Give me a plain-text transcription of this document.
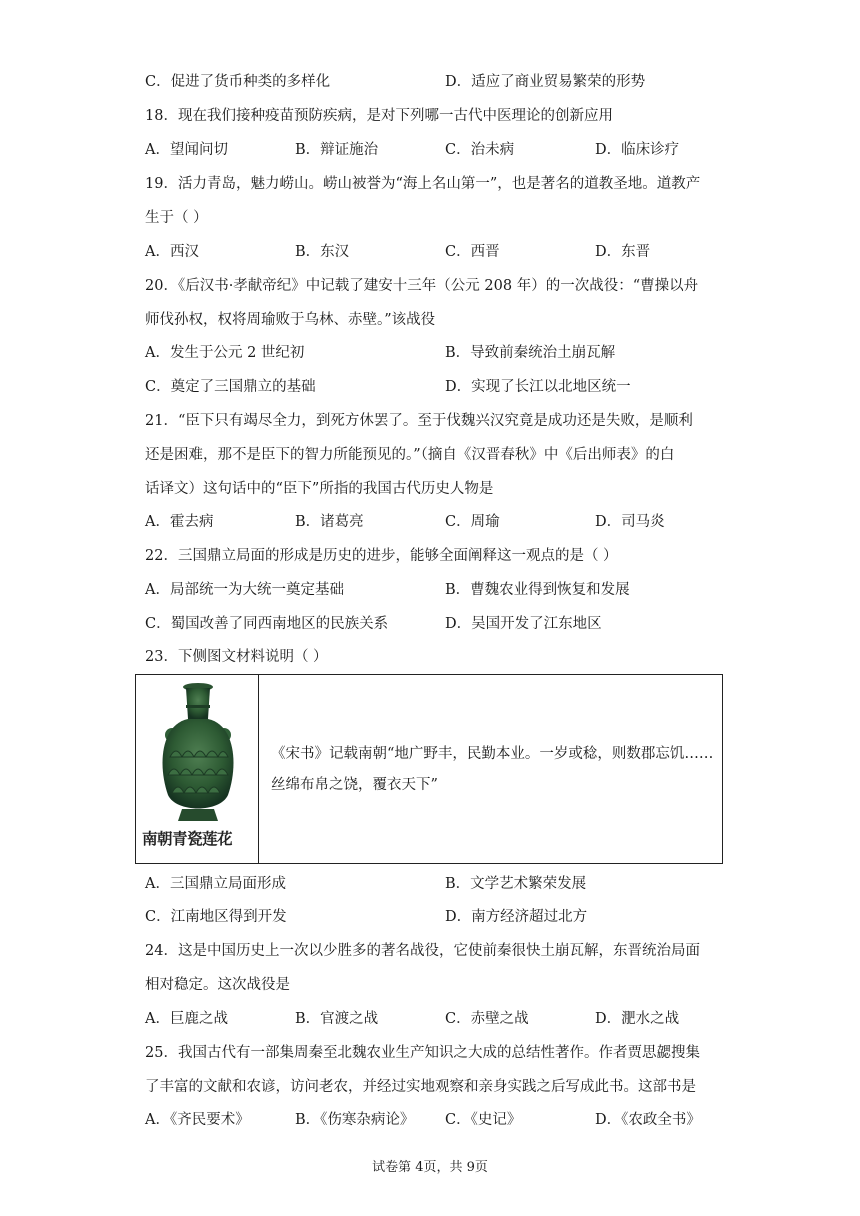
C．促进了货币种类的多样化	D．适应了商业贸易繁荣的形势
18．现在我们接种疫苗预防疾病，是对下列哪一古代中医理论的创新应用
A．望闻问切	B．辩证施治	C．治未病	D．临床诊疗
19．活力青岛，魅力崂山。崂山被誉为“海上名山第一”，也是著名的道教圣地。道教产
生于（ ）
A．西汉	B．东汉	C．西晋	D．东晋
20．《后汉书·孝献帝纪》中记载了建安十三年（公元 208 年）的一次战役：“曹操以舟
师伐孙权，权将周瑜败于乌林、赤壁。”该战役
A．发生于公元 2 世纪初	B．导致前秦统治土崩瓦解
C．奠定了三国鼎立的基础	D．实现了长江以北地区统一
21．“臣下只有竭尽全力，到死方休罢了。至于伐魏兴汉究竟是成功还是失败，是顺利
还是困难，那不是臣下的智力所能预见的。”（摘自《汉晋春秋》中《后出师表》的白
话译文）这句话中的“臣下”所指的我国古代历史人物是
A．霍去病	B．诸葛亮	C．周瑜	D．司马炎
22．三国鼎立局面的形成是历史的进步，能够全面阐释这一观点的是（ ）
A．局部统一为大统一奠定基础	B．曹魏农业得到恢复和发展
C．蜀国改善了同西南地区的民族关系	D．吴国开发了江东地区
23．下侧图文材料说明（ ）
南朝青瓷莲花
《宋书》记载南朝“地广野丰，民勤本业。一岁或稔，则数郡忘饥……
丝绵布帛之饶，覆衣天下”
A．三国鼎立局面形成	B．文学艺术繁荣发展
C．江南地区得到开发	D．南方经济超过北方
24．这是中国历史上一次以少胜多的著名战役，它使前秦很快土崩瓦解，东晋统治局面
相对稳定。这次战役是
A．巨鹿之战	B．官渡之战	C．赤壁之战	D．淝水之战
25．我国古代有一部集周秦至北魏农业生产知识之大成的总结性著作。作者贾思勰搜集
了丰富的文献和农谚，访问老农，并经过实地观察和亲身实践之后写成此书。这部书是
A．《齐民要术》	B．《伤寒杂病论》 C．《史记》	D．《农政全书》
试卷第 4页，共 9页
